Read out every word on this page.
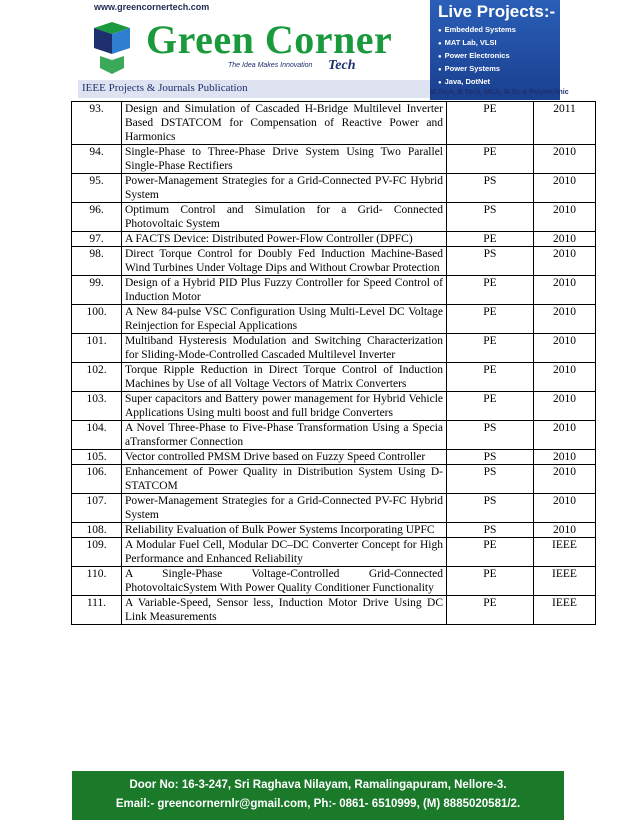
www.greencornertech.com
Green Corner
The Idea Makes Innovation Tech
IEEE Projects & Journals Publication
Live Projects:-
● Embedded Systems
● MAT Lab, VLSI
● Power Electronics
● Power Systems
● Java, DotNet
M.Tech, B.Tech, MCA, M.Sc & Polytechnic
93.	Design and Simulation of Cascaded H-Bridge Multilevel Inverter Based DSTATCOM for Compensation of Reactive Power and Harmonics	PE	2011
94.	Single-Phase to Three-Phase Drive System Using Two Parallel Single-Phase Rectifiers	PE	2010
95.	Power-Management Strategies for a Grid-Connected PV-FC Hybrid System	PS	2010
96.	Optimum Control and Simulation for a Grid- Connected Photovoltaic System	PS	2010
97.	A FACTS Device: Distributed Power-Flow Controller (DPFC)	PE	2010
98.	Direct Torque Control for Doubly Fed Induction Machine-Based Wind Turbines Under Voltage Dips and Without Crowbar Protection	PS	2010
99.	Design of a Hybrid PID Plus Fuzzy Controller for Speed Control of Induction Motor	PE	2010
100.	A New 84-pulse VSC Configuration Using Multi-Level DC Voltage Reinjection for Especial Applications	PE	2010
101.	Multiband Hysteresis Modulation and Switching Characterization for Sliding-Mode-Controlled Cascaded Multilevel Inverter	PE	2010
102.	Torque Ripple Reduction in Direct Torque Control of Induction Machines by Use of all Voltage Vectors of Matrix Converters	PE	2010
103.	Super capacitors and Battery power management for Hybrid Vehicle Applications Using multi boost and full bridge Converters	PE	2010
104.	A Novel Three-Phase to Five-Phase Transformation Using a Specia aTransformer Connection	PS	2010
105.	Vector controlled PMSM Drive based on Fuzzy Speed Controller	PS	2010
106.	Enhancement of Power Quality in Distribution System Using D-STATCOM	PS	2010
107.	Power-Management Strategies for a Grid-Connected PV-FC Hybrid System	PS	2010
108.	Reliability Evaluation of Bulk Power Systems Incorporating UPFC	PS	2010
109.	A Modular Fuel Cell, Modular DC–DC Converter Concept for High Performance and Enhanced Reliability	PE	IEEE
110.	A Single-Phase Voltage-Controlled Grid-Connected PhotovoltaicSystem With Power Quality Conditioner Functionality	PE	IEEE
111.	A Variable-Speed, Sensor less, Induction Motor Drive Using DC Link Measurements	PE	IEEE
Door No: 16-3-247, Sri Raghava Nilayam, Ramalingapuram, Nellore-3.
Email:- greencornernlr@gmail.com, Ph:- 0861- 6510999, (M) 8885020581/2.
